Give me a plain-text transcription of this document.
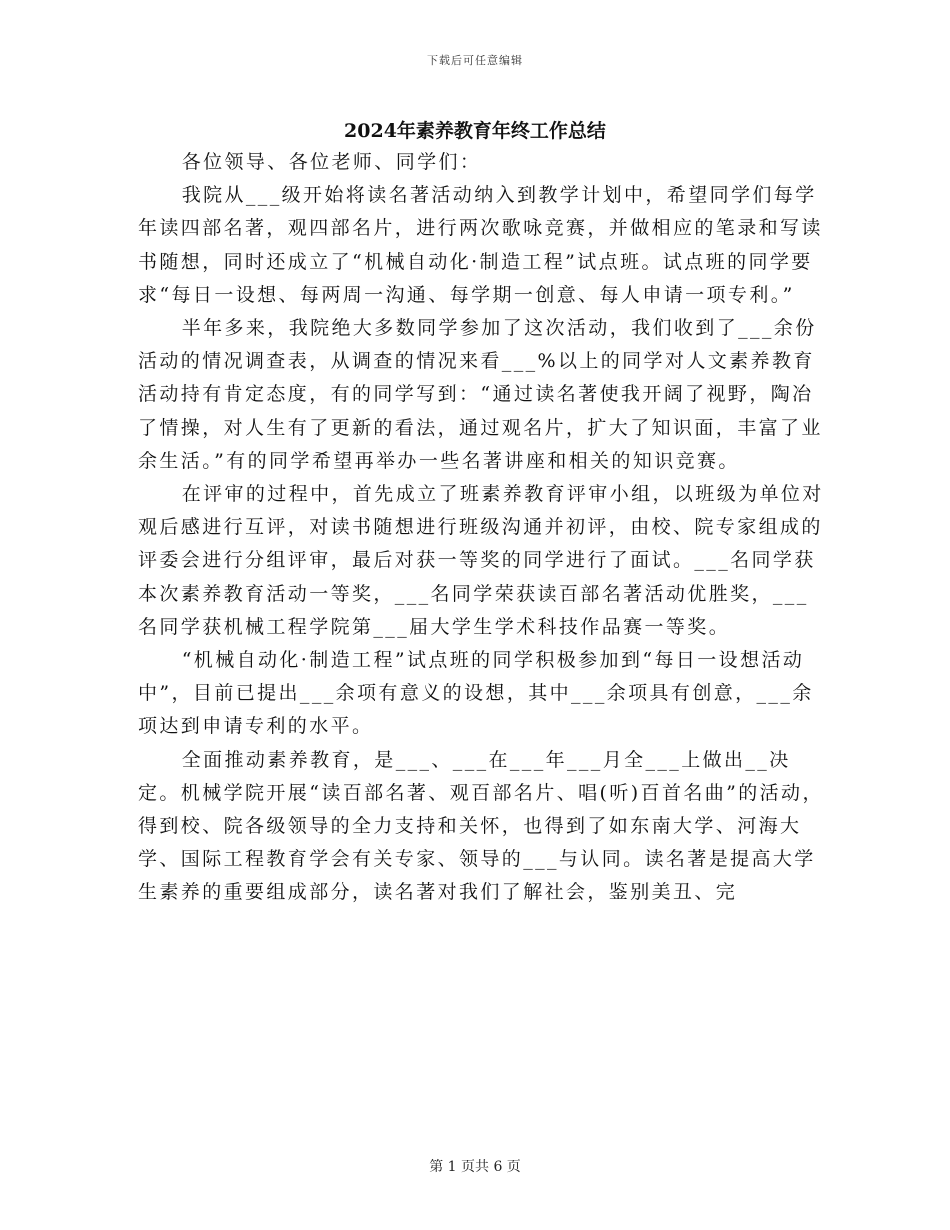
下载后可任意编辑
2024年素养教育年终工作总结

各位领导、各位老师、同学们：

我院从___级开始将读名著活动纳入到教学计划中，希望同学们每学年读四部名著，观四部名片，进行两次歌咏竞赛，并做相应的笔录和写读书随想，同时还成立了“机械自动化·制造工程”试点班。试点班的同学要求“每日一设想、每两周一沟通、每学期一创意、每人申请一项专利。”

半年多来，我院绝大多数同学参加了这次活动，我们收到了___余份活动的情况调查表，从调查的情况来看___%以上的同学对人文素养教育活动持有肯定态度，有的同学写到：“通过读名著使我开阔了视野，陶冶了情操，对人生有了更新的看法，通过观名片，扩大了知识面，丰富了业余生活。”有的同学希望再举办一些名著讲座和相关的知识竞赛。

在评审的过程中，首先成立了班素养教育评审小组，以班级为单位对观后感进行互评，对读书随想进行班级沟通并初评，由校、院专家组成的评委会进行分组评审，最后对获一等奖的同学进行了面试。___名同学获本次素养教育活动一等奖，___名同学荣获读百部名著活动优胜奖，___名同学获机械工程学院第___届大学生学术科技作品赛一等奖。

“机械自动化·制造工程”试点班的同学积极参加到“每日一设想活动中”，目前已提出___余项有意义的设想，其中___余项具有创意，___余项达到申请专利的水平。

全面推动素养教育，是___、___在___年___月全___上做出__决定。机械学院开展“读百部名著、观百部名片、唱(听)百首名曲”的活动，得到校、院各级领导的全力支持和关怀，也得到了如东南大学、河海大学、国际工程教育学会有关专家、领导的___与认同。读名著是提高大学生素养的重要组成部分，读名著对我们了解社会，鉴别美丑、完

第 1 页共 6 页
